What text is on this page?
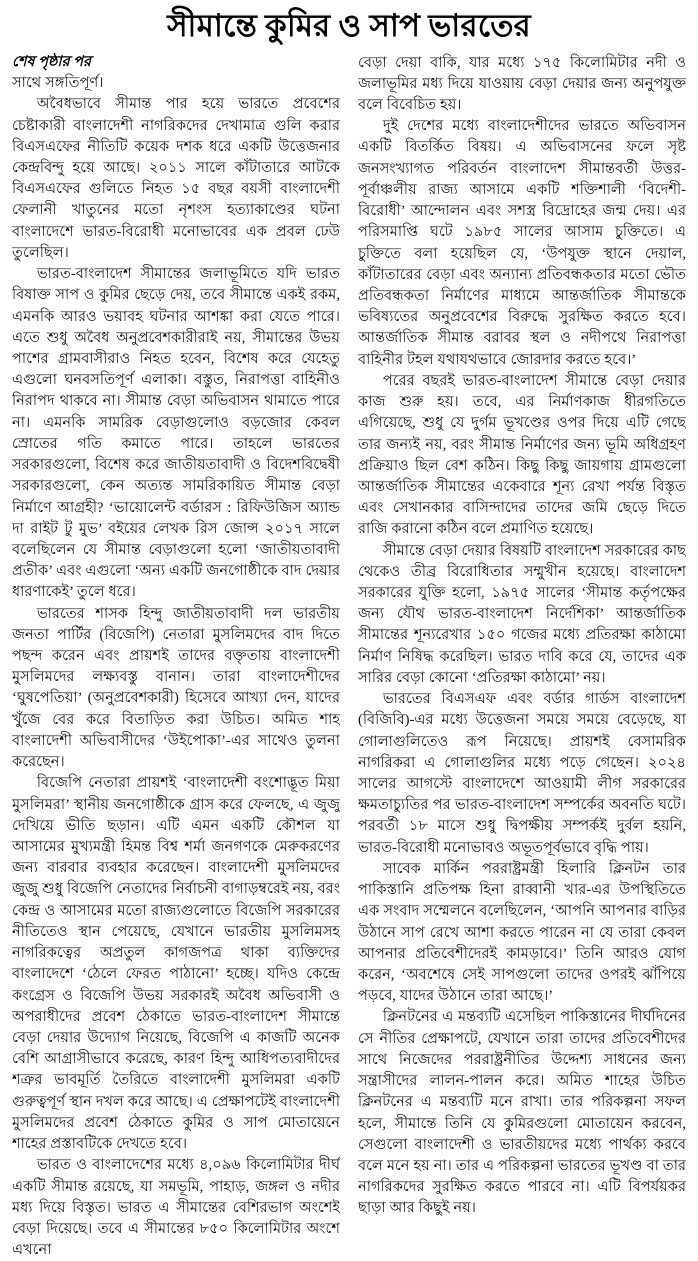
সীমান্তে কুমির ও সাপ ভারতের
শেষ পৃষ্ঠার পর

সাথে সঙ্গতিপূর্ণ।

অবৈধভাবে সীমান্ত পার হয়ে ভারতে প্রবেশের চেষ্টাকারী বাংলাদেশী নাগরিকদের দেখামাত্র গুলি করার বিএসএফের নীতিটি কয়েক দশক ধরে একটি উত্তেজনার কেন্দ্রবিন্দু হয়ে আছে। ২০১১ সালে কাঁটাতারে আটকে বিএসএফের গুলিতে নিহত ১৫ বছর বয়সী বাংলাদেশী ফেলানী খাতুনের মতো নৃশংস হত্যাকাণ্ডের ঘটনা বাংলাদেশে ভারত-বিরোধী মনোভাবের এক প্রবল ঢেউ তুলেছিল।

ভারত-বাংলাদেশ সীমান্তের জলাভূমিতে যদি ভারত বিষাক্ত সাপ ও কুমির ছেড়ে দেয়, তবে সীমান্তে একই রকম, এমনকি আরও ভয়াবহ ঘটনার আশঙ্কা করা যেতে পারে। এতে শুধু অবৈধ অনুপ্রবেশকারীরাই নয়, সীমান্তের উভয় পাশের গ্রামবাসীরাও নিহত হবেন, বিশেষ করে যেহেতু এগুলো ঘনবসতিপূর্ণ এলাকা। বস্তুত, নিরাপত্তা বাহিনীও নিরাপদ থাকবে না। সীমান্ত বেড়া অভিবাসন থামাতে পারে না। এমনকি সামরিক বেড়াগুলোও বড়জোর কেবল স্রোতের গতি কমাতে পারে। তাহলে ভারতের সরকারগুলো, বিশেষ করে জাতীয়তাবাদী ও বিদেশবিদ্বেষী সরকারগুলো, কেন অত্যন্ত সামরিকায়িত সীমান্ত বেড়া নির্মাণে আগ্রহী? ‘ভায়োলেন্ট বর্ডারস : রিফিউজিস অ্যান্ড দা রাইট টু মুভ’ বইয়ের লেখক রিস জোন্স ২০১৭ সালে বলেছিলেন যে সীমান্ত বেড়াগুলো হলো ‘জাতীয়তাবাদী প্রতীক’ এবং এগুলো ‘অন্য একটি জনগোষ্ঠীকে বাদ দেয়ার ধারণাকেই’ তুলে ধরে।

ভারতের শাসক হিন্দু জাতীয়তাবাদী দল ভারতীয় জনতা পার্টির (বিজেপি) নেতারা মুসলিমদের বাদ দিতে পছন্দ করেন এবং প্রায়শই তাদের বক্তৃতায় বাংলাদেশী মুসলিমদের লক্ষ্যবস্তু বানান। তারা বাংলাদেশীদের ‘ঘুষপেতিয়া’ (অনুপ্রবেশকারী) হিসেবে আখ্যা দেন, যাদের খুঁজে বের করে বিতাড়িত করা উচিত। অমিত শাহ বাংলাদেশী অভিবাসীদের ‘উইপোকা’-এর সাথেও তুলনা করেছেন।

বিজেপি নেতারা প্রায়শই ‘বাংলাদেশী বংশোদ্ভূত মিয়া মুসলিমরা’ স্থানীয় জনগোষ্ঠীকে গ্রাস করে ফেলছে, এ জুজু দেখিয়ে ভীতি ছড়ান। এটি এমন একটি কৌশল যা আসামের মুখ্যমন্ত্রী হিমন্ত বিশ্ব শর্মা জনগণকে মেরুকরণের জন্য বারবার ব্যবহার করেছেন। বাংলাদেশী মুসলিমদের জুজু শুধু বিজেপি নেতাদের নির্বাচনী বাগাড়ম্বরেই নয়, বরং কেন্দ্র ও আসামের মতো রাজ্যগুলোতে বিজেপি সরকারের নীতিতেও স্থান পেয়েছে, যেখানে ভারতীয় মুসলিমসহ নাগরিকত্বের অপ্রতুল কাগজপত্র থাকা ব্যক্তিদের বাংলাদেশে ‘ঠেলে ফেরত পাঠানো’ হচ্ছে। যদিও কেন্দ্রে কংগ্রেস ও বিজেপি উভয় সরকারই অবৈধ অভিবাসী ও অপরাধীদের প্রবেশ ঠেকাতে ভারত-বাংলাদেশ সীমান্তে বেড়া দেয়ার উদ্যোগ নিয়েছে, বিজেপি এ কাজটি অনেক বেশি আগ্রাসীভাবে করেছে, কারণ হিন্দু আধিপত্যবাদীদের শত্রুর ভাবমূর্তি তৈরিতে বাংলাদেশী মুসলিমরা একটি গুরুত্বপূর্ণ স্থান দখল করে আছে। এ প্রেক্ষাপটেই বাংলাদেশী মুসলিমদের প্রবেশ ঠেকাতে কুমির ও সাপ মোতায়েনে শাহের প্রস্তাবটিকে দেখতে হবে।

ভারত ও বাংলাদেশের মধ্যে ৪,০৯৬ কিলোমিটার দীর্ঘ একটি সীমান্ত রয়েছে, যা সমভূমি, পাহাড়, জঙ্গল ও নদীর মধ্য দিয়ে বিস্তৃত। ভারত এ সীমান্তের বেশিরভাগ অংশেই বেড়া দিয়েছে। তবে এ সীমান্তের ৮৫০ কিলোমিটার অংশে এখনো

বেড়া দেয়া বাকি, যার মধ্যে ১৭৫ কিলোমিটার নদী ও জলাভূমির মধ্য দিয়ে যাওয়ায় বেড়া দেয়ার জন্য অনুপযুক্ত বলে বিবেচিত হয়।

দুই দেশের মধ্যে বাংলাদেশীদের ভারতে অভিবাসন একটি বিতর্কিত বিষয়। এ অভিবাসনের ফলে সৃষ্ট জনসংখ্যাগত পরিবর্তন বাংলাদেশ সীমান্তবর্তী উত্তর-পূর্বাঞ্চলীয় রাজ্য আসামে একটি শক্তিশালী ‘বিদেশী-বিরোধী’ আন্দোলন এবং সশস্ত্র বিদ্রোহের জন্ম দেয়। এর পরিসমাপ্তি ঘটে ১৯৮৫ সালের আসাম চুক্তিতে। এ চুক্তিতে বলা হয়েছিল যে, ‘উপযুক্ত স্থানে দেয়াল, কাঁটাতারের বেড়া এবং অন্যান্য প্রতিবন্ধকতার মতো ভৌত প্রতিবন্ধকতা নির্মাণের মাধ্যমে আন্তর্জাতিক সীমান্তকে ভবিষ্যতের অনুপ্রবেশের বিরুদ্ধে সুরক্ষিত করতে হবে। আন্তর্জাতিক সীমান্ত বরাবর স্থল ও নদীপথে নিরাপত্তা বাহিনীর টহল যথাযথভাবে জোরদার করতে হবে।’

পরের বছরই ভারত-বাংলাদেশ সীমান্তে বেড়া দেয়ার কাজ শুরু হয়। তবে, এর নির্মাণকাজ ধীরগতিতে এগিয়েছে, শুধু যে দুর্গম ভূখণ্ডের ওপর দিয়ে এটি গেছে তার জন্যই নয়, বরং সীমান্ত নির্মাণের জন্য ভূমি অধিগ্রহণ প্রক্রিয়াও ছিল বেশ কঠিন। কিছু কিছু জায়গায় গ্রামগুলো আন্তর্জাতিক সীমান্তের একেবারে শূন্য রেখা পর্যন্ত বিস্তৃত এবং সেখানকার বাসিন্দাদের তাদের জমি ছেড়ে দিতে রাজি করানো কঠিন বলে প্রমাণিত হয়েছে।

সীমান্তে বেড়া দেয়ার বিষয়টি বাংলাদেশ সরকারের কাছ থেকেও তীব্র বিরোধিতার সম্মুখীন হয়েছে। বাংলাদেশ সরকারের যুক্তি হলো, ১৯৭৫ সালের ‘সীমান্ত কর্তৃপক্ষের জন্য যৌথ ভারত-বাংলাদেশ নির্দেশিকা’ আন্তর্জাতিক সীমান্তের শূন্যরেখার ১৫০ গজের মধ্যে প্রতিরক্ষা কাঠামো নির্মাণ নিষিদ্ধ করেছিল। ভারত দাবি করে যে, তাদের এক সারির বেড়া কোনো ‘প্রতিরক্ষা কাঠামো’ নয়।

ভারতের বিএসএফ এবং বর্ডার গার্ডস বাংলাদেশ (বিজিবি)-এর মধ্যে উত্তেজনা সময়ে সময়ে বেড়েছে, যা গোলাগুলিতেও রূপ নিয়েছে। প্রায়শই বেসামরিক নাগরিকরা এ গোলাগুলির মধ্যে পড়ে গেছেন। ২০২৪ সালের আগস্টে বাংলাদেশে আওয়ামী লীগ সরকারের ক্ষমতাচ্যুতির পর ভারত-বাংলাদেশ সম্পর্কের অবনতি ঘটে। পরবর্তী ১৮ মাসে শুধু দ্বিপক্ষীয় সম্পর্কই দুর্বল হয়নি, ভারত-বিরোধী মনোভাবও অভূতপূর্বভাবে বৃদ্ধি পায়।

সাবেক মার্কিন পররাষ্ট্রমন্ত্রী হিলারি ক্লিনটন তার পাকিস্তানি প্রতিপক্ষ হিনা রাব্বানী খার-এর উপস্থিতিতে এক সংবাদ সম্মেলনে বলেছিলেন, ‘আপনি আপনার বাড়ির উঠানে সাপ রেখে আশা করতে পারেন না যে তারা কেবল আপনার প্রতিবেশীদেরই কামড়াবে।’ তিনি আরও যোগ করেন, ‘অবশেষে সেই সাপগুলো তাদের ওপরই ঝাঁপিয়ে পড়বে, যাদের উঠানে তারা আছে।’

ক্লিনটনের এ মন্তব্যটি এসেছিল পাকিস্তানের দীর্ঘদিনের সে নীতির প্রেক্ষাপটে, যেখানে তারা তাদের প্রতিবেশীদের সাথে নিজেদের পররাষ্ট্রনীতির উদ্দেশ্য সাধনের জন্য সন্ত্রাসীদের লালন-পালন করে। অমিত শাহের উচিত ক্লিনটনের এ মন্তব্যটি মনে রাখা। তার পরিকল্পনা সফল হলে, সীমান্তে তিনি যে কুমিরগুলো মোতায়েন করবেন, সেগুলো বাংলাদেশী ও ভারতীয়দের মধ্যে পার্থক্য করবে বলে মনে হয় না। তার এ পরিকল্পনা ভারতের ভূখণ্ড বা তার নাগরিকদের সুরক্ষিত করতে পারবে না। এটি বিপর্যয়কর ছাড়া আর কিছুই নয়।
